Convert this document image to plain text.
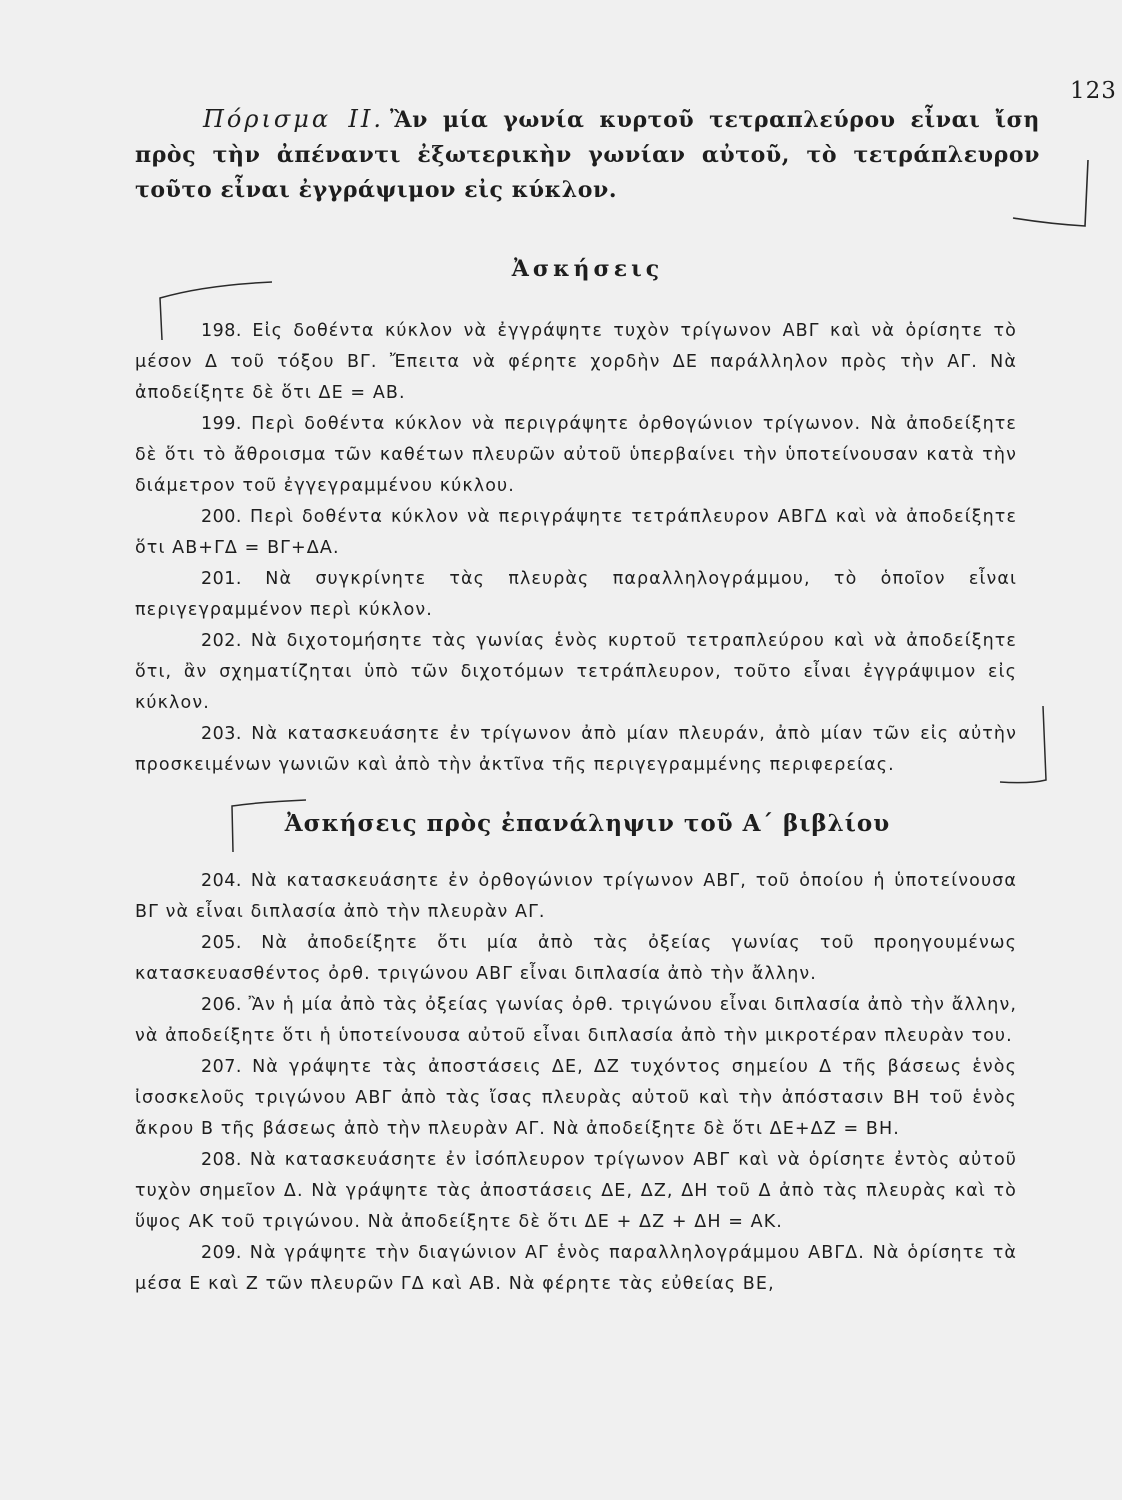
123
Πόρισμα ΙΙ. Ἂν μία γωνία κυρτοῦ τετραπλεύρου εἶναι ἴση πρὸς τὴν ἀπέναντι ἐξωτερικὴν γωνίαν αὐτοῦ, τὸ τετράπλευρον τοῦτο εἶναι ἐγγράψιμον εἰς κύκλον.
Ἀσκήσεις

198. Εἰς δοθέντα κύκλον νὰ ἐγγράψητε τυχὸν τρίγωνον ΑΒΓ καὶ νὰ ὁρίσητε τὸ μέσον Δ τοῦ τόξου ΒΓ. Ἔπειτα νὰ φέρητε χορδὴν ΔΕ παράλληλον πρὸς τὴν ΑΓ. Νὰ ἀποδείξητε δὲ ὅτι ΔΕ = ΑΒ.

199. Περὶ δοθέντα κύκλον νὰ περιγράψητε ὀρθογώνιον τρίγωνον. Νὰ ἀποδείξητε δὲ ὅτι τὸ ἄθροισμα τῶν καθέτων πλευρῶν αὐτοῦ ὑπερβαίνει τὴν ὑποτείνουσαν κατὰ τὴν διάμετρον τοῦ ἐγγεγραμμένου κύκλου.

200. Περὶ δοθέντα κύκλον νὰ περιγράψητε τετράπλευρον ΑΒΓΔ καὶ νὰ ἀποδείξητε ὅτι ΑΒ+ΓΔ = ΒΓ+ΔΑ.

201. Νὰ συγκρίνητε τὰς πλευρὰς παραλληλογράμμου, τὸ ὁποῖον εἶναι περιγεγραμμένον περὶ κύκλον.

202. Νὰ διχοτομήσητε τὰς γωνίας ἑνὸς κυρτοῦ τετραπλεύρου καὶ νὰ ἀποδείξητε ὅτι, ἂν σχηματίζηται ὑπὸ τῶν διχοτόμων τετράπλευρον, τοῦτο εἶναι ἐγγράψιμον εἰς κύκλον.

203. Νὰ κατασκευάσητε ἐν τρίγωνον ἀπὸ μίαν πλευράν, ἀπὸ μίαν τῶν εἰς αὐτὴν προσκειμένων γωνιῶν καὶ ἀπὸ τὴν ἀκτῖνα τῆς περιγεγραμμένης περιφερείας.

Ἀσκήσεις πρὸς ἐπανάληψιν τοῦ Α΄ βιβλίου

204. Νὰ κατασκευάσητε ἐν ὀρθογώνιον τρίγωνον ΑΒΓ, τοῦ ὁποίου ἡ ὑποτείνουσα ΒΓ νὰ εἶναι διπλασία ἀπὸ τὴν πλευρὰν ΑΓ.

205. Νὰ ἀποδείξητε ὅτι μία ἀπὸ τὰς ὀξείας γωνίας τοῦ προηγουμένως κατασκευασθέντος ὀρθ. τριγώνου ΑΒΓ εἶναι διπλασία ἀπὸ τὴν ἄλλην.

206. Ἂν ἡ μία ἀπὸ τὰς ὀξείας γωνίας ὀρθ. τριγώνου εἶναι διπλασία ἀπὸ τὴν ἄλλην, νὰ ἀποδείξητε ὅτι ἡ ὑποτείνουσα αὐτοῦ εἶναι διπλασία ἀπὸ τὴν μικροτέραν πλευρὰν του.

207. Νὰ γράψητε τὰς ἀποστάσεις ΔΕ, ΔΖ τυχόντος σημείου Δ τῆς βάσεως ἑνὸς ἰσοσκελοῦς τριγώνου ΑΒΓ ἀπὸ τὰς ἴσας πλευρὰς αὐτοῦ καὶ τὴν ἀπόστασιν ΒΗ τοῦ ἑνὸς ἄκρου Β τῆς βάσεως ἀπὸ τὴν πλευρὰν ΑΓ. Νὰ ἀποδείξητε δὲ ὅτι ΔΕ+ΔΖ = ΒΗ.

208. Νὰ κατασκευάσητε ἐν ἰσόπλευρον τρίγωνον ΑΒΓ καὶ νὰ ὁρίσητε ἐντὸς αὐτοῦ τυχὸν σημεῖον Δ. Νὰ γράψητε τὰς ἀποστάσεις ΔΕ, ΔΖ, ΔΗ τοῦ Δ ἀπὸ τὰς πλευρὰς καὶ τὸ ὕψος ΑΚ τοῦ τριγώνου. Νὰ ἀποδείξητε δὲ ὅτι ΔΕ + ΔΖ + ΔΗ = ΑΚ.

209. Νὰ γράψητε τὴν διαγώνιον ΑΓ ἑνὸς παραλληλογράμμου ΑΒΓΔ. Νὰ ὁρίσητε τὰ μέσα Ε καὶ Ζ τῶν πλευρῶν ΓΔ καὶ ΑΒ. Νὰ φέρητε τὰς εὐθείας ΒΕ,
